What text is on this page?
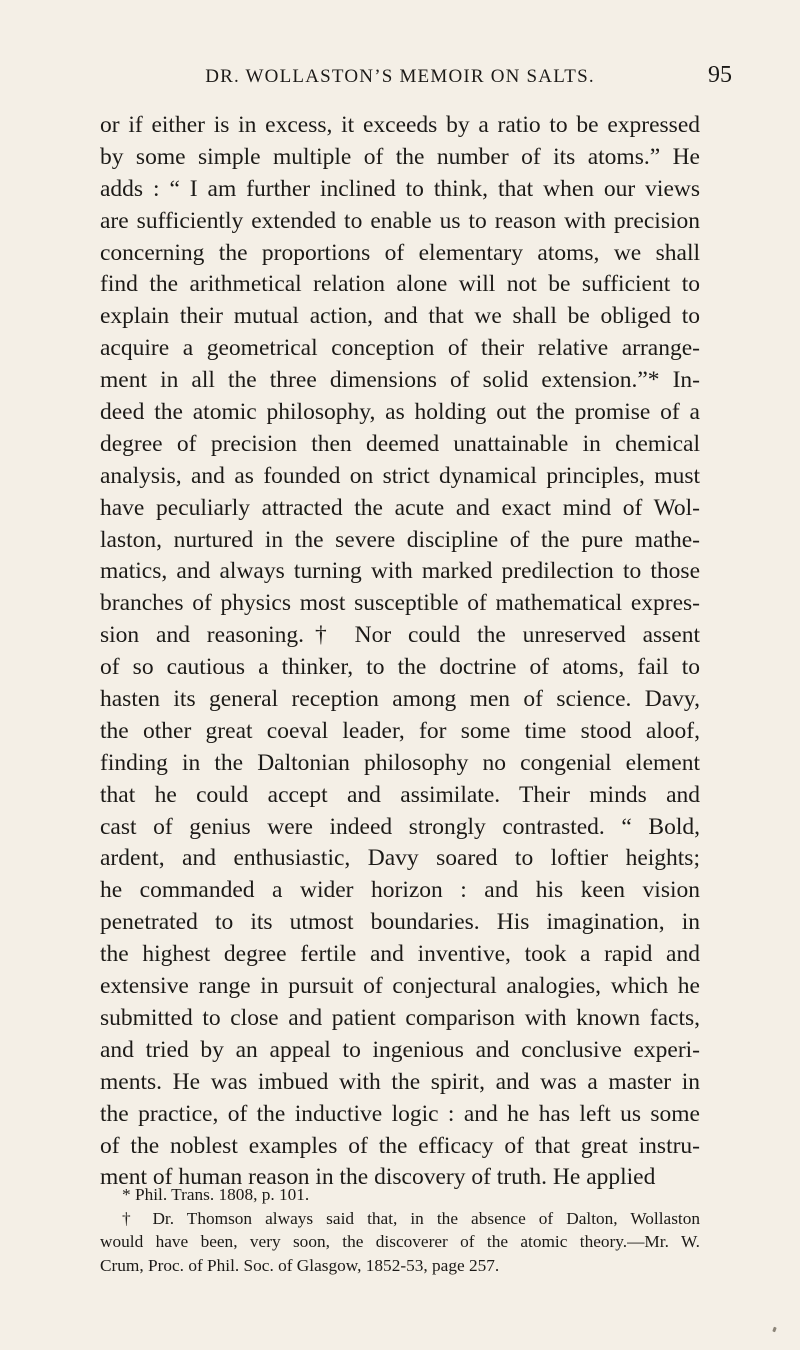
DR. WOLLASTON’S MEMOIR ON SALTS.	95
or if either is in excess, it exceeds by a ratio to be expressed
by some simple multiple of the number of its atoms.” He
adds : “ I am further inclined to think, that when our views
are sufficiently extended to enable us to reason with precision
concerning the proportions of elementary atoms, we shall
find the arithmetical relation alone will not be sufficient to
explain their mutual action, and that we shall be obliged to
acquire a geometrical conception of their relative arrange-
ment in all the three dimensions of solid extension.”* In-
deed the atomic philosophy, as holding out the promise of a
degree of precision then deemed unattainable in chemical
analysis, and as founded on strict dynamical principles, must
have peculiarly attracted the acute and exact mind of Wol-
laston, nurtured in the severe discipline of the pure mathe-
matics, and always turning with marked predilection to those
branches of physics most susceptible of mathematical expres-
sion and reasoning.† Nor could the unreserved assent
of so cautious a thinker, to the doctrine of atoms, fail to
hasten its general reception among men of science. Davy,
the other great coeval leader, for some time stood aloof,
finding in the Daltonian philosophy no congenial element
that he could accept and assimilate. Their minds and
cast of genius were indeed strongly contrasted. “ Bold,
ardent, and enthusiastic, Davy soared to loftier heights;
he commanded a wider horizon : and his keen vision
penetrated to its utmost boundaries. His imagination, in
the highest degree fertile and inventive, took a rapid and
extensive range in pursuit of conjectural analogies, which he
submitted to close and patient comparison with known facts,
and tried by an appeal to ingenious and conclusive experi-
ments. He was imbued with the spirit, and was a master in
the practice, of the inductive logic : and he has left us some
of the noblest examples of the efficacy of that great instru-
ment of human reason in the discovery of truth. He applied
* Phil. Trans. 1808, p. 101.
† Dr. Thomson always said that, in the absence of Dalton, Wollaston
would have been, very soon, the discoverer of the atomic theory.—Mr. W.
Crum, Proc. of Phil. Soc. of Glasgow, 1852-53, page 257.
